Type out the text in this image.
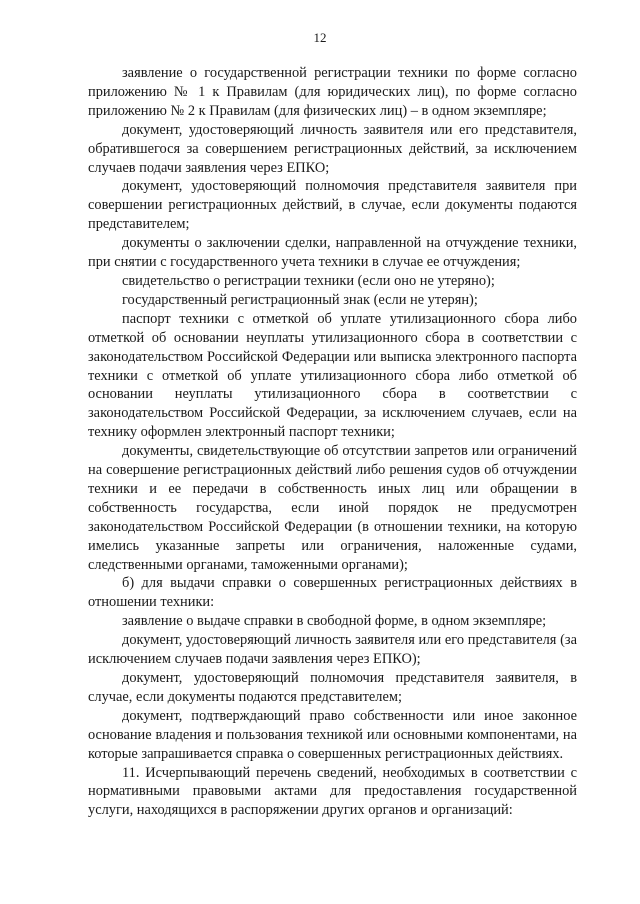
12

заявление о государственной регистрации техники по форме согласно приложению № 1 к Правилам (для юридических лиц), по форме согласно приложению № 2 к Правилам (для физических лиц) – в одном экземпляре;

документ, удостоверяющий личность заявителя или его представителя, обратившегося за совершением регистрационных действий, за исключением случаев подачи заявления через ЕПКО;

документ, удостоверяющий полномочия представителя заявителя при совершении регистрационных действий, в случае, если документы подаются представителем;

документы о заключении сделки, направленной на отчуждение техники, при снятии с государственного учета техники в случае ее отчуждения;

свидетельство о регистрации техники (если оно не утеряно);

государственный регистрационный знак (если не утерян);

паспорт техники с отметкой об уплате утилизационного сбора либо отметкой об основании неуплаты утилизационного сбора в соответствии с законодательством Российской Федерации или выписка электронного паспорта техники с отметкой об уплате утилизационного сбора либо отметкой об основании неуплаты утилизационного сбора в соответствии с законодательством Российской Федерации, за исключением случаев, если на технику оформлен электронный паспорт техники;

документы, свидетельствующие об отсутствии запретов или ограничений на совершение регистрационных действий либо решения судов об отчуждении техники и ее передачи в собственность иных лиц или обращении в собственность государства, если иной порядок не предусмотрен законодательством Российской Федерации (в отношении техники, на которую имелись указанные запреты или ограничения, наложенные судами, следственными органами, таможенными органами);

б) для выдачи справки о совершенных регистрационных действиях в отношении техники:

заявление о выдаче справки в свободной форме, в одном экземпляре;

документ, удостоверяющий личность заявителя или его представителя (за исключением случаев подачи заявления через ЕПКО);

документ, удостоверяющий полномочия представителя заявителя, в случае, если документы подаются представителем;

документ, подтверждающий право собственности или иное законное основание владения и пользования техникой или основными компонентами, на которые запрашивается справка о совершенных регистрационных действиях.

11. Исчерпывающий перечень сведений, необходимых в соответствии с нормативными правовыми актами для предоставления государственной услуги, находящихся в распоряжении других органов и организаций:
